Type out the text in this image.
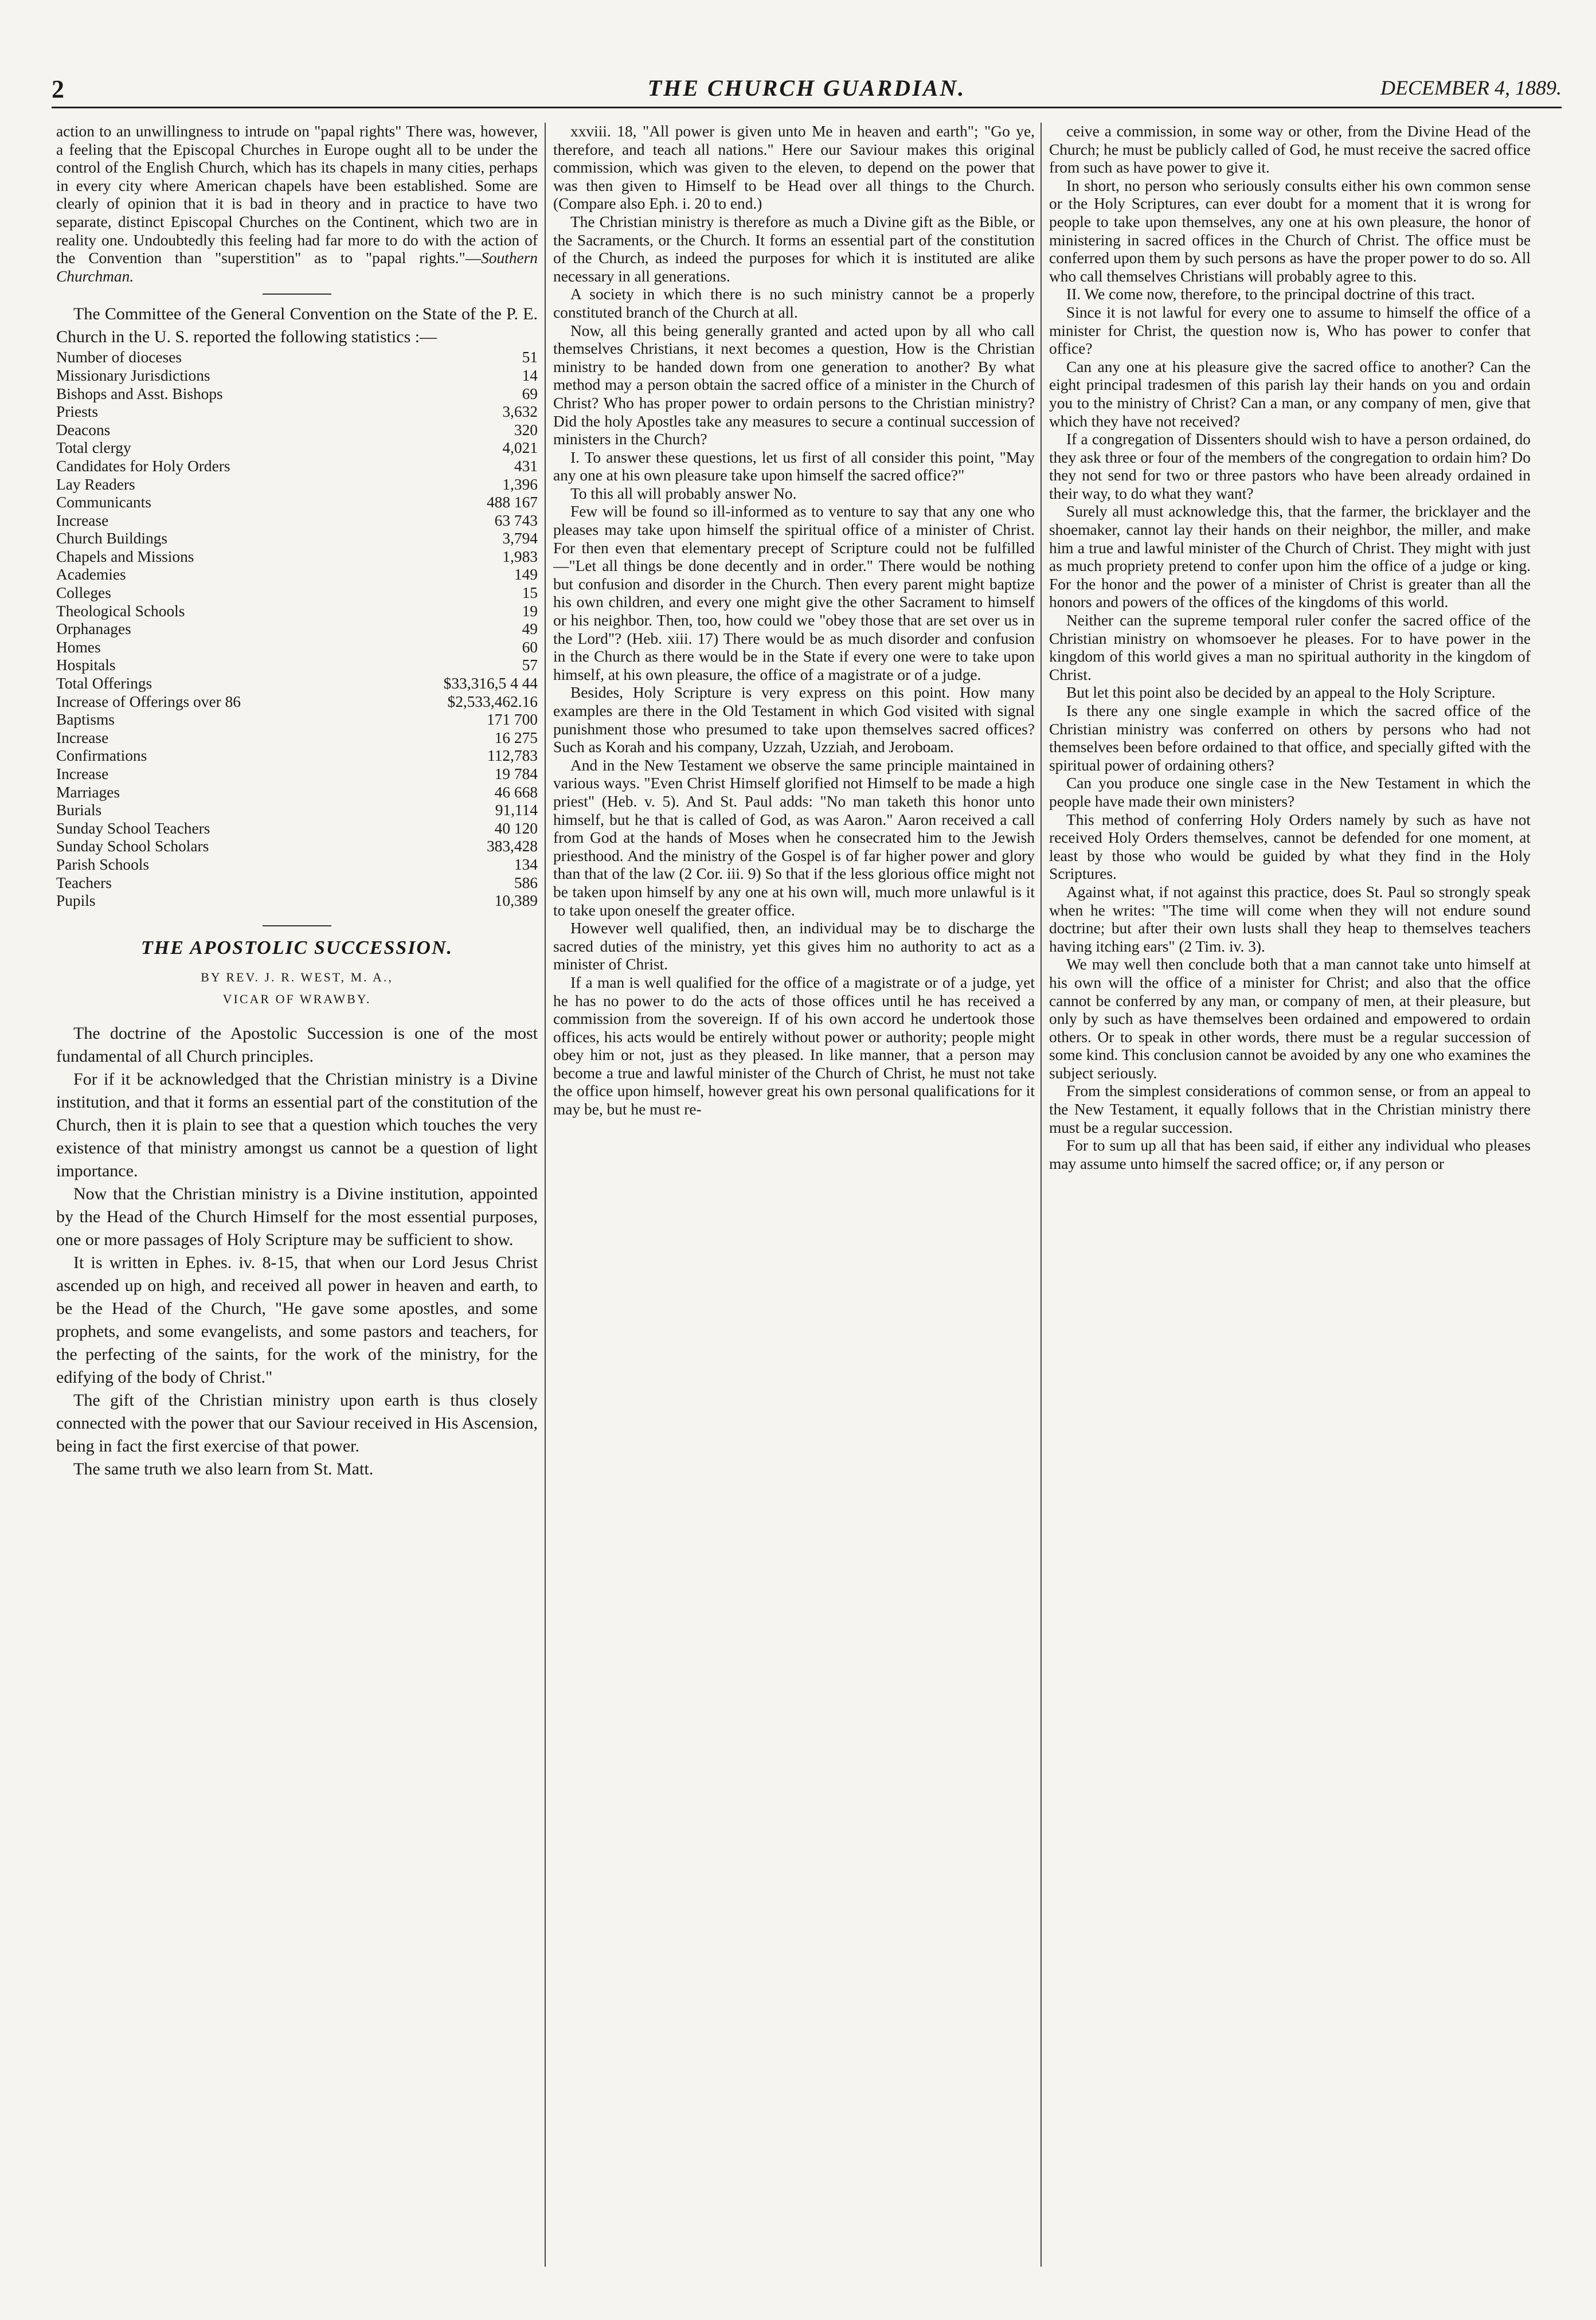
2	THE CHURCH GUARDIAN.	DECEMBER 4, 1889.

action to an unwillingness to intrude on "papal rights" There was, however, a feeling that the Episcopal Churches in Europe ought all to be under the control of the English Church, which has its chapels in many cities, perhaps in every city where American chapels have been established. Some are clearly of opinion that it is bad in theory and in practice to have two separate, distinct Episcopal Churches on the Continent, which two are in reality one. Undoubtedly this feeling had far more to do with the action of the Convention than "superstition" as to "papal rights."—Southern Churchman.

The Committee of the General Convention on the State of the P. E. Church in the U. S. reported the following statistics :—

Number of dioceses	51
Missionary Jurisdictions	14
Bishops and Asst. Bishops	69
Priests	3,632
Deacons	320
Total clergy	4,021
Candidates for Holy Orders	431
Lay Readers	1,396
Communicants	488 167
Increase	63 743
Church Buildings	3,794
Chapels and Missions	1,983
Academies	149
Colleges	15
Theological Schools	19
Orphanages	49
Homes	60
Hospitals	57
Total Offerings	$33,316,5 4 44
Increase of Offerings over 86	$2,533,462.16
Baptisms	171 700
Increase	16 275
Confirmations	112,783
Increase	19 784
Marriages	46 668
Burials	91,114
Sunday School Teachers	40 120
Sunday School Scholars	383,428
Parish Schools	134
Teachers	586
Pupils	10,389
THE APOSTOLIC SUCCESSION.
BY REV. J. R. WEST, M. A.,
VICAR OF WRAWBY.

The doctrine of the Apostolic Succession is one of the most fundamental of all Church principles.

For if it be acknowledged that the Christian ministry is a Divine institution, and that it forms an essential part of the constitution of the Church, then it is plain to see that a question which touches the very existence of that ministry amongst us cannot be a question of light importance.

Now that the Christian ministry is a Divine institution, appointed by the Head of the Church Himself for the most essential purposes, one or more passages of Holy Scripture may be sufficient to show.

It is written in Ephes. iv. 8-15, that when our Lord Jesus Christ ascended up on high, and received all power in heaven and earth, to be the Head of the Church, "He gave some apostles, and some prophets, and some evangelists, and some pastors and teachers, for the perfecting of the saints, for the work of the ministry, for the edifying of the body of Christ."

The gift of the Christian ministry upon earth is thus closely connected with the power that our Saviour received in His Ascension, being in fact the first exercise of that power.

The same truth we also learn from St. Matt.

xxviii. 18, "All power is given unto Me in heaven and earth"; "Go ye, therefore, and teach all nations." Here our Saviour makes this original commission, which was given to the eleven, to depend on the power that was then given to Himself to be Head over all things to the Church. (Compare also Eph. i. 20 to end.)

The Christian ministry is therefore as much a Divine gift as the Bible, or the Sacraments, or the Church. It forms an essential part of the constitution of the Church, as indeed the purposes for which it is instituted are alike necessary in all generations.

A society in which there is no such ministry cannot be a properly constituted branch of the Church at all.

Now, all this being generally granted and acted upon by all who call themselves Christians, it next becomes a question, How is the Christian ministry to be handed down from one generation to another? By what method may a person obtain the sacred office of a minister in the Church of Christ? Who has proper power to ordain persons to the Christian ministry? Did the holy Apostles take any measures to secure a continual succession of ministers in the Church?

I. To answer these questions, let us first of all consider this point, "May any one at his own pleasure take upon himself the sacred office?"

To this all will probably answer No.

Few will be found so ill-informed as to venture to say that any one who pleases may take upon himself the spiritual office of a minister of Christ. For then even that elementary precept of Scripture could not be fulfilled—"Let all things be done decently and in order." There would be nothing but confusion and disorder in the Church. Then every parent might baptize his own children, and every one might give the other Sacrament to himself or his neighbor. Then, too, how could we "obey those that are set over us in the Lord"? (Heb. xiii. 17) There would be as much disorder and confusion in the Church as there would be in the State if every one were to take upon himself, at his own pleasure, the office of a magistrate or of a judge.

Besides, Holy Scripture is very express on this point. How many examples are there in the Old Testament in which God visited with signal punishment those who presumed to take upon themselves sacred offices? Such as Korah and his company, Uzzah, Uzziah, and Jeroboam.

And in the New Testament we observe the same principle maintained in various ways. "Even Christ Himself glorified not Himself to be made a high priest" (Heb. v. 5). And St. Paul adds: "No man taketh this honor unto himself, but he that is called of God, as was Aaron." Aaron received a call from God at the hands of Moses when he consecrated him to the Jewish priesthood. And the ministry of the Gospel is of far higher power and glory than that of the law (2 Cor. iii. 9) So that if the less glorious office might not be taken upon himself by any one at his own will, much more unlawful is it to take upon oneself the greater office.

However well qualified, then, an individual may be to discharge the sacred duties of the ministry, yet this gives him no authority to act as a minister of Christ.

If a man is well qualified for the office of a magistrate or of a judge, yet he has no power to do the acts of those offices until he has received a commission from the sovereign. If of his own accord he undertook those offices, his acts would be entirely without power or authority; people might obey him or not, just as they pleased. In like manner, that a person may become a true and lawful minister of the Church of Christ, he must not take the office upon himself, however great his own personal qualifications for it may be, but he must re-

ceive a commission, in some way or other, from the Divine Head of the Church; he must be publicly called of God, he must receive the sacred office from such as have power to give it.

In short, no person who seriously consults either his own common sense or the Holy Scriptures, can ever doubt for a moment that it is wrong for people to take upon themselves, any one at his own pleasure, the honor of ministering in sacred offices in the Church of Christ. The office must be conferred upon them by such persons as have the proper power to do so. All who call themselves Christians will probably agree to this.

II. We come now, therefore, to the principal doctrine of this tract.

Since it is not lawful for every one to assume to himself the office of a minister for Christ, the question now is, Who has power to confer that office?

Can any one at his pleasure give the sacred office to another? Can the eight principal tradesmen of this parish lay their hands on you and ordain you to the ministry of Christ? Can a man, or any company of men, give that which they have not received?

If a congregation of Dissenters should wish to have a person ordained, do they ask three or four of the members of the congregation to ordain him? Do they not send for two or three pastors who have been already ordained in their way, to do what they want?

Surely all must acknowledge this, that the farmer, the bricklayer and the shoemaker, cannot lay their hands on their neighbor, the miller, and make him a true and lawful minister of the Church of Christ. They might with just as much propriety pretend to confer upon him the office of a judge or king. For the honor and the power of a minister of Christ is greater than all the honors and powers of the offices of the kingdoms of this world.

Neither can the supreme temporal ruler confer the sacred office of the Christian ministry on whomsoever he pleases. For to have power in the kingdom of this world gives a man no spiritual authority in the kingdom of Christ.

But let this point also be decided by an appeal to the Holy Scripture.

Is there any one single example in which the sacred office of the Christian ministry was conferred on others by persons who had not themselves been before ordained to that office, and specially gifted with the spiritual power of ordaining others?

Can you produce one single case in the New Testament in which the people have made their own ministers?

This method of conferring Holy Orders namely by such as have not received Holy Orders themselves, cannot be defended for one moment, at least by those who would be guided by what they find in the Holy Scriptures.

Against what, if not against this practice, does St. Paul so strongly speak when he writes: "The time will come when they will not endure sound doctrine; but after their own lusts shall they heap to themselves teachers having itching ears" (2 Tim. iv. 3).

We may well then conclude both that a man cannot take unto himself at his own will the office of a minister for Christ; and also that the office cannot be conferred by any man, or company of men, at their pleasure, but only by such as have themselves been ordained and empowered to ordain others. Or to speak in other words, there must be a regular succession of some kind. This conclusion cannot be avoided by any one who examines the subject seriously.

From the simplest considerations of common sense, or from an appeal to the New Testament, it equally follows that in the Christian ministry there must be a regular succession.

For to sum up all that has been said, if either any individual who pleases may assume unto himself the sacred office; or, if any person or
